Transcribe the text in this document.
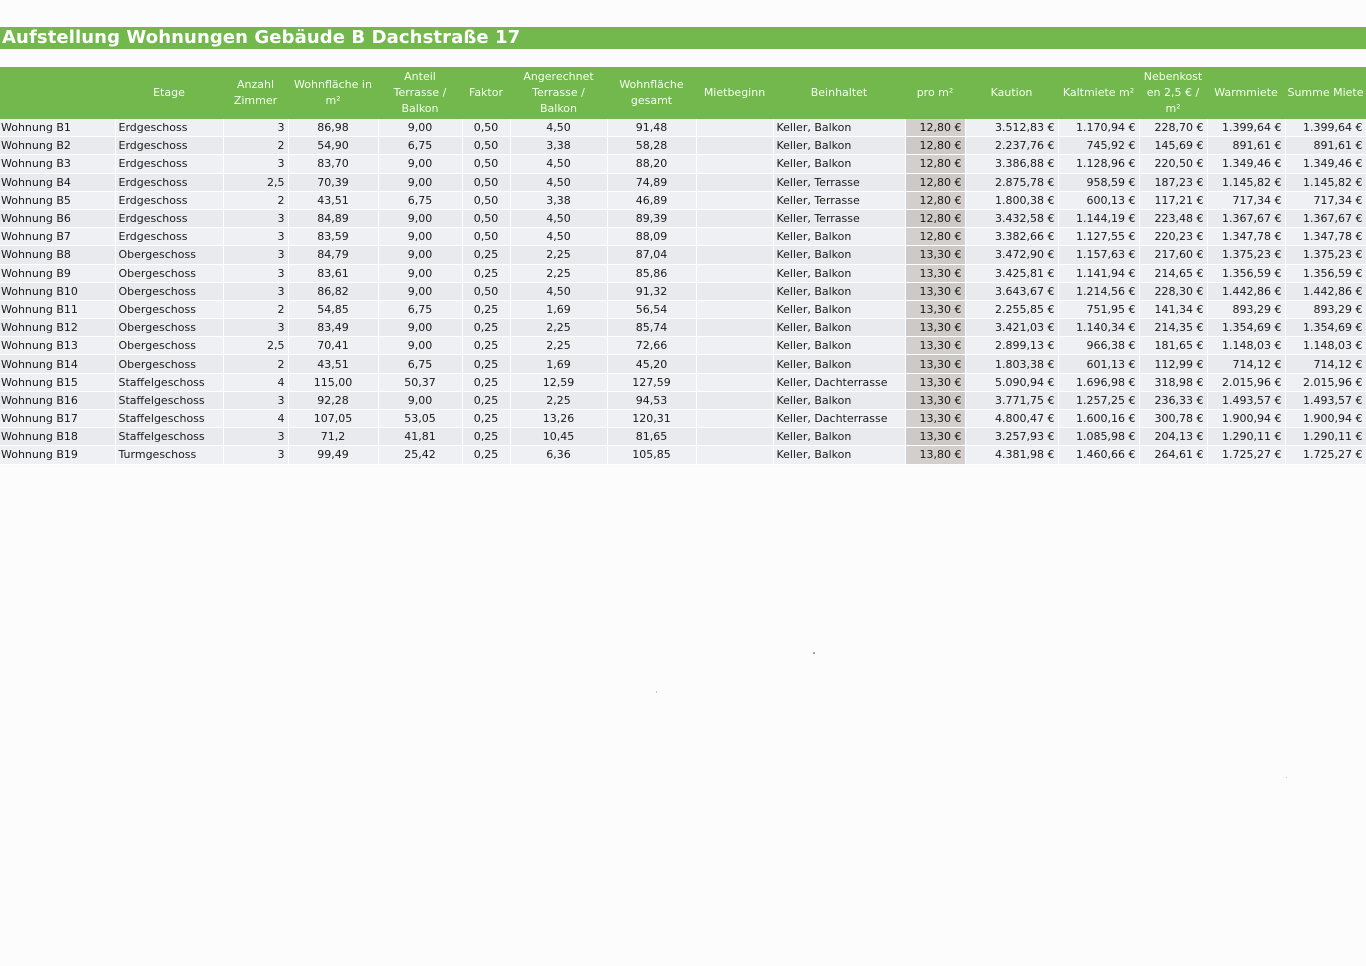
Aufstellung Wohnungen Gebäude B Dachstraße 17
	Etage	Anzahl Zimmer	Wohnfläche in m²	Anteil Terrasse / Balkon	Faktor	Angerechnet Terrasse / Balkon	Wohnfläche gesamt	Mietbeginn	Beinhaltet	pro m²	Kaution	Kaltmiete m²	Nebenkost en 2,5 € / m²	Warmmiete	Summe Miete
Wohnung B1	Erdgeschoss	3	86,98	9,00	0,50	4,50	91,48		Keller, Balkon	12,80 €	3.512,83 €	1.170,94 €	228,70 €	1.399,64 €	1.399,64 €
Wohnung B2	Erdgeschoss	2	54,90	6,75	0,50	3,38	58,28		Keller, Balkon	12,80 €	2.237,76 €	745,92 €	145,69 €	891,61 €	891,61 €
Wohnung B3	Erdgeschoss	3	83,70	9,00	0,50	4,50	88,20		Keller, Balkon	12,80 €	3.386,88 €	1.128,96 €	220,50 €	1.349,46 €	1.349,46 €
Wohnung B4	Erdgeschoss	2,5	70,39	9,00	0,50	4,50	74,89		Keller, Terrasse	12,80 €	2.875,78 €	958,59 €	187,23 €	1.145,82 €	1.145,82 €
Wohnung B5	Erdgeschoss	2	43,51	6,75	0,50	3,38	46,89		Keller, Terrasse	12,80 €	1.800,38 €	600,13 €	117,21 €	717,34 €	717,34 €
Wohnung B6	Erdgeschoss	3	84,89	9,00	0,50	4,50	89,39		Keller, Terrasse	12,80 €	3.432,58 €	1.144,19 €	223,48 €	1.367,67 €	1.367,67 €
Wohnung B7	Erdgeschoss	3	83,59	9,00	0,50	4,50	88,09		Keller, Balkon	12,80 €	3.382,66 €	1.127,55 €	220,23 €	1.347,78 €	1.347,78 €
Wohnung B8	Obergeschoss	3	84,79	9,00	0,25	2,25	87,04		Keller, Balkon	13,30 €	3.472,90 €	1.157,63 €	217,60 €	1.375,23 €	1.375,23 €
Wohnung B9	Obergeschoss	3	83,61	9,00	0,25	2,25	85,86		Keller, Balkon	13,30 €	3.425,81 €	1.141,94 €	214,65 €	1.356,59 €	1.356,59 €
Wohnung B10	Obergeschoss	3	86,82	9,00	0,50	4,50	91,32		Keller, Balkon	13,30 €	3.643,67 €	1.214,56 €	228,30 €	1.442,86 €	1.442,86 €
Wohnung B11	Obergeschoss	2	54,85	6,75	0,25	1,69	56,54		Keller, Balkon	13,30 €	2.255,85 €	751,95 €	141,34 €	893,29 €	893,29 €
Wohnung B12	Obergeschoss	3	83,49	9,00	0,25	2,25	85,74		Keller, Balkon	13,30 €	3.421,03 €	1.140,34 €	214,35 €	1.354,69 €	1.354,69 €
Wohnung B13	Obergeschoss	2,5	70,41	9,00	0,25	2,25	72,66		Keller, Balkon	13,30 €	2.899,13 €	966,38 €	181,65 €	1.148,03 €	1.148,03 €
Wohnung B14	Obergeschoss	2	43,51	6,75	0,25	1,69	45,20		Keller, Balkon	13,30 €	1.803,38 €	601,13 €	112,99 €	714,12 €	714,12 €
Wohnung B15	Staffelgeschoss	4	115,00	50,37	0,25	12,59	127,59		Keller, Dachterrasse	13,30 €	5.090,94 €	1.696,98 €	318,98 €	2.015,96 €	2.015,96 €
Wohnung B16	Staffelgeschoss	3	92,28	9,00	0,25	2,25	94,53		Keller, Balkon	13,30 €	3.771,75 €	1.257,25 €	236,33 €	1.493,57 €	1.493,57 €
Wohnung B17	Staffelgeschoss	4	107,05	53,05	0,25	13,26	120,31		Keller, Dachterrasse	13,30 €	4.800,47 €	1.600,16 €	300,78 €	1.900,94 €	1.900,94 €
Wohnung B18	Staffelgeschoss	3	71,2	41,81	0,25	10,45	81,65		Keller, Balkon	13,30 €	3.257,93 €	1.085,98 €	204,13 €	1.290,11 €	1.290,11 €
Wohnung B19	Turmgeschoss	3	99,49	25,42	0,25	6,36	105,85		Keller, Balkon	13,80 €	4.381,98 €	1.460,66 €	264,61 €	1.725,27 €	1.725,27 €
